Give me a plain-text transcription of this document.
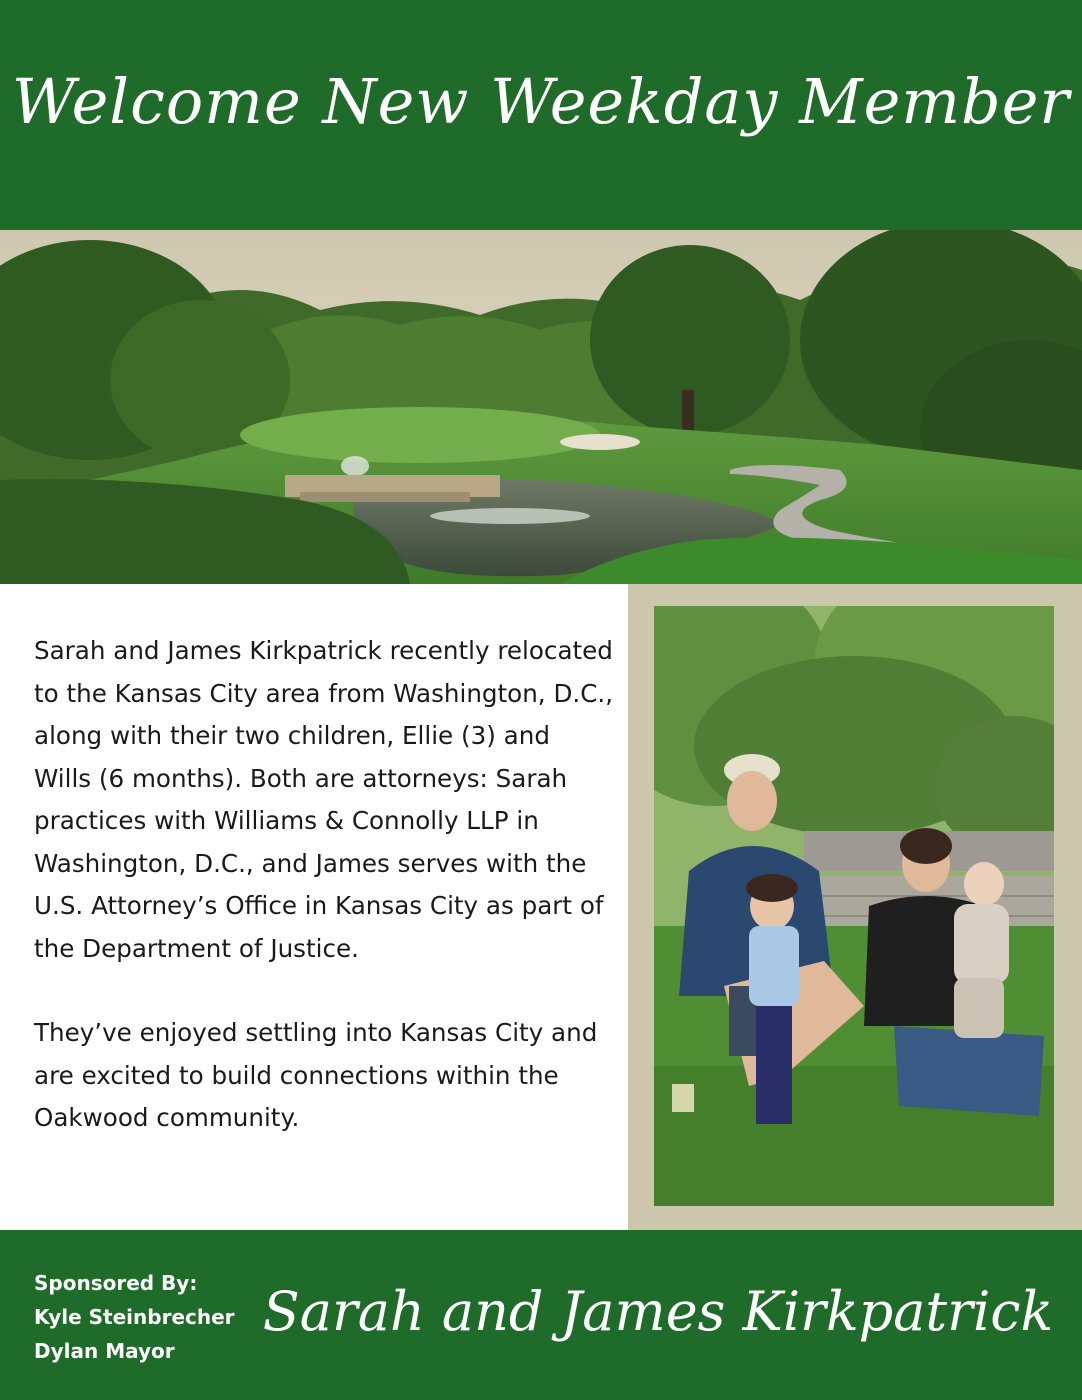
Welcome New Weekday Member

Sarah and James Kirkpatrick recently relocated to the Kansas City area from Washington, D.C., along with their two children, Ellie (3) and Wills (6 months). Both are attorneys: Sarah practices with Williams & Connolly LLP in Washington, D.C., and James serves with the U.S. Attorney’s Office in Kansas City as part of the Department of Justice.

They’ve enjoyed settling into Kansas City and are excited to build connections within the Oakwood community.

Sponsored By:
Kyle Steinbrecher
Dylan Mayor
Sarah and James Kirkpatrick
